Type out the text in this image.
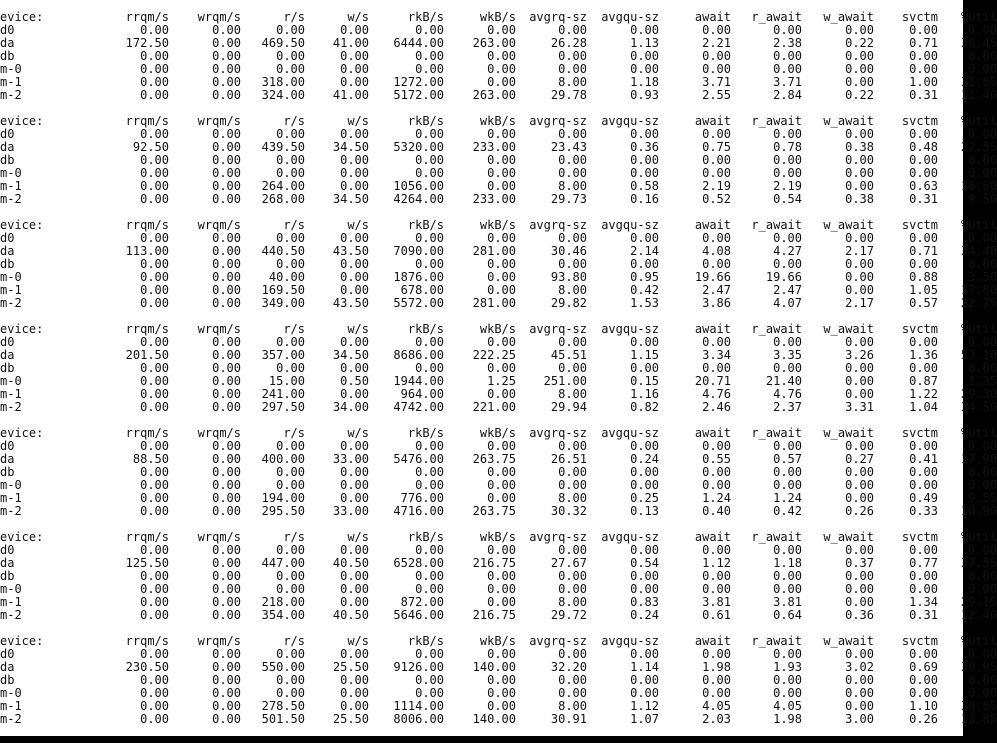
evice:	rrqm/s	wrqm/s	r/s	w/s	rkB/s	wkB/s	avgrq-sz	avgqu-sz	await	r_await	w_await	svctm	%util
d0	0.00	0.00	0.00	0.00	0.00	0.00	0.00	0.00	0.00	0.00	0.00	0.00	0.00
da	172.50	0.00	469.50	41.00	6444.00	263.00	26.28	1.13	2.21	2.38	0.22	0.71	36.45
db	0.00	0.00	0.00	0.00	0.00	0.00	0.00	0.00	0.00	0.00	0.00	0.00	0.00
m-0	0.00	0.00	0.00	0.00	0.00	0.00	0.00	0.00	0.00	0.00	0.00	0.00	0.00
m-1	0.00	0.00	318.00	0.00	1272.00	0.00	8.00	1.18	3.71	3.71	0.00	1.00	31.65
m-2	0.00	0.00	324.00	41.00	5172.00	263.00	29.78	0.93	2.55	2.84	0.22	0.31	11.40
evice:	rrqm/s	wrqm/s	r/s	w/s	rkB/s	wkB/s	avgrq-sz	avgqu-sz	await	r_await	w_await	svctm	%util
d0	0.00	0.00	0.00	0.00	0.00	0.00	0.00	0.00	0.00	0.00	0.00	0.00	0.00
da	92.50	0.00	439.50	34.50	5320.00	233.00	23.43	0.36	0.75	0.78	0.38	0.48	22.55
db	0.00	0.00	0.00	0.00	0.00	0.00	0.00	0.00	0.00	0.00	0.00	0.00	0.00
m-0	0.00	0.00	0.00	0.00	0.00	0.00	0.00	0.00	0.00	0.00	0.00	0.00	0.00
m-1	0.00	0.00	264.00	0.00	1056.00	0.00	8.00	0.58	2.19	2.19	0.00	0.63	16.60
m-2	0.00	0.00	268.00	34.50	4264.00	233.00	29.73	0.16	0.52	0.54	0.38	0.31	9.50
evice:	rrqm/s	wrqm/s	r/s	w/s	rkB/s	wkB/s	avgrq-sz	avgqu-sz	await	r_await	w_await	svctm	%util
d0	0.00	0.00	0.00	0.00	0.00	0.00	0.00	0.00	0.00	0.00	0.00	0.00	0.00
da	113.00	0.00	440.50	43.50	7090.00	281.00	30.46	2.14	4.08	4.27	2.17	0.71	34.40
db	0.00	0.00	0.00	0.00	0.00	0.00	0.00	0.00	0.00	0.00	0.00	0.00	0.00
m-0	0.00	0.00	40.00	0.00	1876.00	0.00	93.80	0.95	19.66	19.66	0.00	0.88	3.50
m-1	0.00	0.00	169.50	0.00	678.00	0.00	8.00	0.42	2.47	2.47	0.00	1.05	17.80
m-2	0.00	0.00	349.00	43.50	5572.00	281.00	29.82	1.53	3.86	4.07	2.17	0.57	22.35
evice:	rrqm/s	wrqm/s	r/s	w/s	rkB/s	wkB/s	avgrq-sz	avgqu-sz	await	r_await	w_await	svctm	%util
d0	0.00	0.00	0.00	0.00	0.00	0.00	0.00	0.00	0.00	0.00	0.00	0.00	0.00
da	201.50	0.00	357.00	34.50	8686.00	222.25	45.51	1.15	3.34	3.35	3.26	1.36	53.10
db	0.00	0.00	0.00	0.00	0.00	0.00	0.00	0.00	0.00	0.00	0.00	0.00	0.00
m-0	0.00	0.00	15.00	0.50	1944.00	1.25	251.00	0.15	20.71	21.40	0.00	0.87	1.35
m-1	0.00	0.00	241.00	0.00	964.00	0.00	8.00	1.16	4.76	4.76	0.00	1.22	29.30
m-2	0.00	0.00	297.50	34.00	4742.00	221.00	29.94	0.82	2.46	2.37	3.31	1.04	34.50
evice:	rrqm/s	wrqm/s	r/s	w/s	rkB/s	wkB/s	avgrq-sz	avgqu-sz	await	r_await	w_await	svctm	%util
d0	0.00	0.00	0.00	0.00	0.00	0.00	0.00	0.00	0.00	0.00	0.00	0.00	0.00
da	88.50	0.00	400.00	33.00	5476.00	263.75	26.51	0.24	0.55	0.57	0.27	0.41	17.90
db	0.00	0.00	0.00	0.00	0.00	0.00	0.00	0.00	0.00	0.00	0.00	0.00	0.00
m-0	0.00	0.00	0.00	0.00	0.00	0.00	0.00	0.00	0.00	0.00	0.00	0.00	0.00
m-1	0.00	0.00	194.00	0.00	776.00	0.00	8.00	0.25	1.24	1.24	0.00	0.49	9.55
m-2	0.00	0.00	295.50	33.00	4716.00	263.75	30.32	0.13	0.40	0.42	0.26	0.33	10.90
evice:	rrqm/s	wrqm/s	r/s	w/s	rkB/s	wkB/s	avgrq-sz	avgqu-sz	await	r_await	w_await	svctm	%util
d0	0.00	0.00	0.00	0.00	0.00	0.00	0.00	0.00	0.00	0.00	0.00	0.00	0.00
da	125.50	0.00	447.00	40.50	6528.00	216.75	27.67	0.54	1.12	1.18	0.37	0.77	37.55
db	0.00	0.00	0.00	0.00	0.00	0.00	0.00	0.00	0.00	0.00	0.00	0.00	0.00
m-0	0.00	0.00	0.00	0.00	0.00	0.00	0.00	0.00	0.00	0.00	0.00	0.00	0.00
m-1	0.00	0.00	218.00	0.00	872.00	0.00	8.00	0.83	3.81	3.81	0.00	1.34	29.15
m-2	0.00	0.00	354.00	40.50	5646.00	216.75	29.72	0.24	0.61	0.64	0.36	0.31	12.40
evice:	rrqm/s	wrqm/s	r/s	w/s	rkB/s	wkB/s	avgrq-sz	avgqu-sz	await	r_await	w_await	svctm	%util
d0	0.00	0.00	0.00	0.00	0.00	0.00	0.00	0.00	0.00	0.00	0.00	0.00	0.00
da	230.50	0.00	550.00	25.50	9126.00	140.00	32.20	1.14	1.98	1.93	3.02	0.69	39.95
db	0.00	0.00	0.00	0.00	0.00	0.00	0.00	0.00	0.00	0.00	0.00	0.00	0.00
m-0	0.00	0.00	0.00	0.00	0.00	0.00	0.00	0.00	0.00	0.00	0.00	0.00	0.00
m-1	0.00	0.00	278.50	0.00	1114.00	0.00	8.00	1.12	4.05	4.05	0.00	1.10	30.65
m-2	0.00	0.00	501.50	25.50	8006.00	140.00	30.91	1.07	2.03	1.98	3.00	0.26	13.85
